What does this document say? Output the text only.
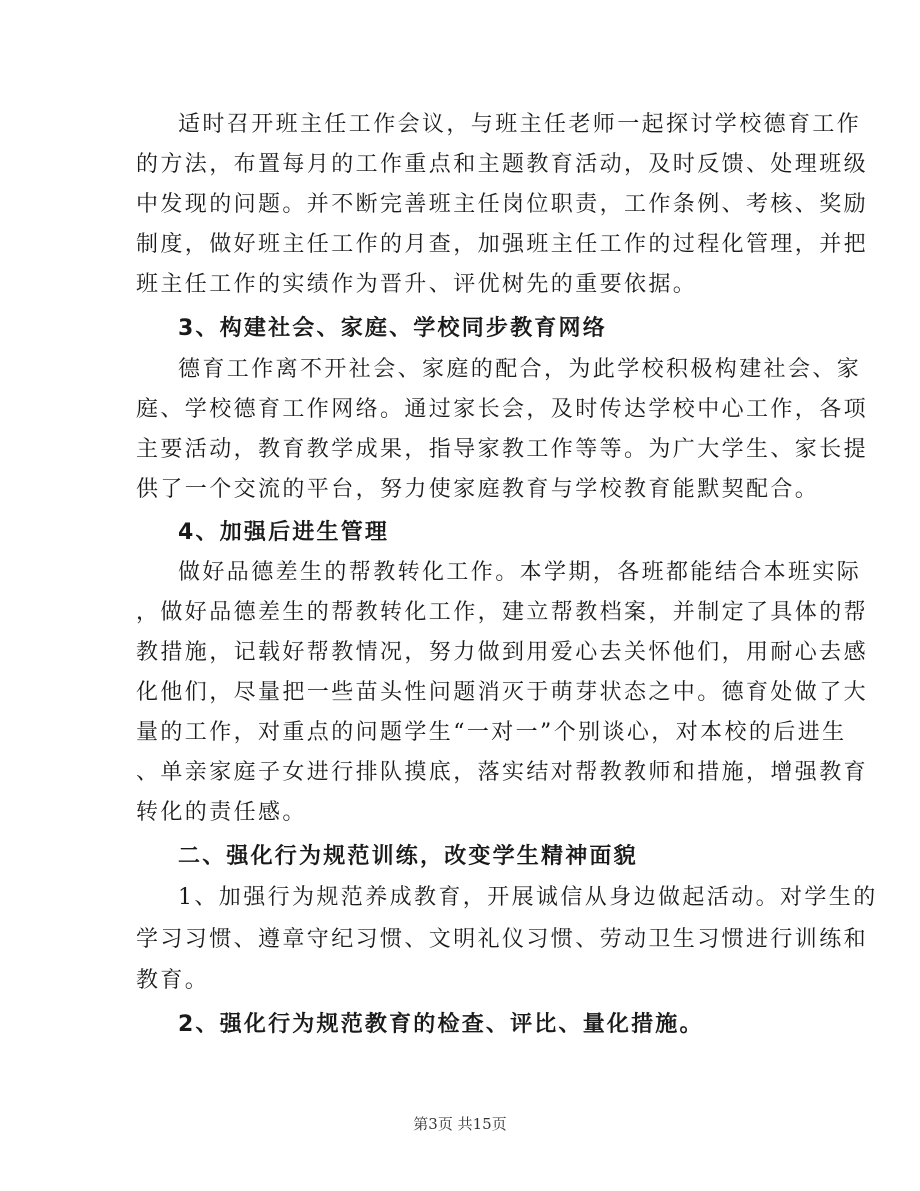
适时召开班主任工作会议，与班主任老师一起探讨学校德育工作
的方法，布置每月的工作重点和主题教育活动，及时反馈、处理班级
中发现的问题。并不断完善班主任岗位职责，工作条例、考核、奖励
制度，做好班主任工作的月查，加强班主任工作的过程化管理，并把
班主任工作的实绩作为晋升、评优树先的重要依据。
3、构建社会、家庭、学校同步教育网络
德育工作离不开社会、家庭的配合，为此学校积极构建社会、家
庭、学校德育工作网络。通过家长会，及时传达学校中心工作，各项
主要活动，教育教学成果，指导家教工作等等。为广大学生、家长提
供了一个交流的平台，努力使家庭教育与学校教育能默契配合。
4、加强后进生管理
做好品德差生的帮教转化工作。本学期，各班都能结合本班实际
，做好品德差生的帮教转化工作，建立帮教档案，并制定了具体的帮
教措施，记载好帮教情况，努力做到用爱心去关怀他们，用耐心去感
化他们，尽量把一些苗头性问题消灭于萌芽状态之中。德育处做了大
量的工作，对重点的问题学生“一对一”个别谈心，对本校的后进生
、单亲家庭子女进行排队摸底，落实结对帮教教师和措施，增强教育
转化的责任感。
二、强化行为规范训练，改变学生精神面貌
1、加强行为规范养成教育，开展诚信从身边做起活动。对学生的
学习习惯、遵章守纪习惯、文明礼仪习惯、劳动卫生习惯进行训练和
教育。
2、强化行为规范教育的检查、评比、量化措施。
第3页 共15页
